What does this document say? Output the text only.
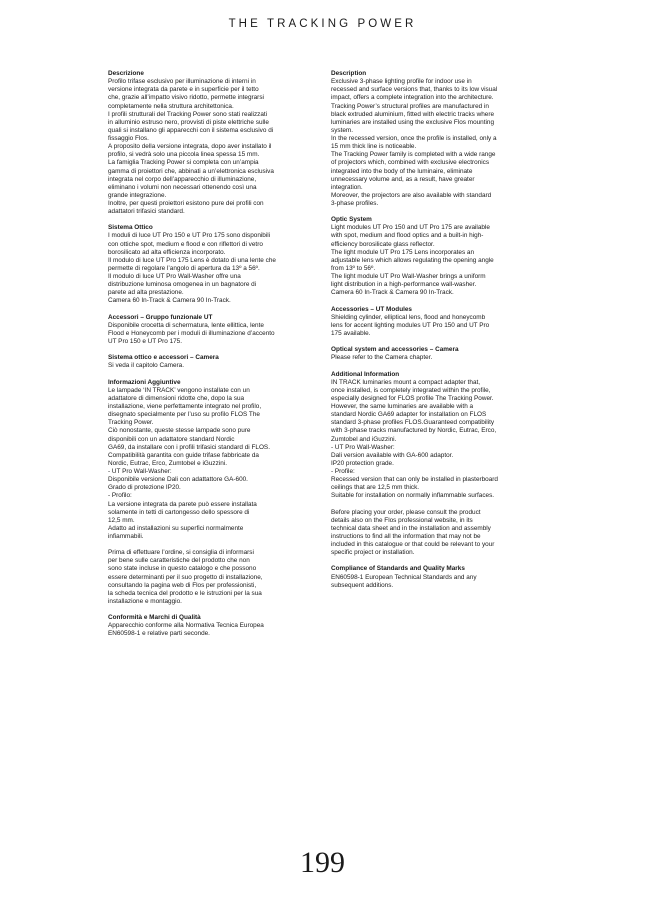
THE TRACKING POWER
Descrizione
Profilo trifase esclusivo per illuminazione di interni in
versione integrata da parete e in superficie per il tetto
che, grazie all’impatto visivo ridotto, permette integrarsi
completamente nella struttura architettonica.
I profili strutturali del Tracking Power sono stati realizzati
in alluminio estruso nero, provvisti di piste elettriche sulle
quali si installano gli apparecchi con il sistema esclusivo di
fissaggio Flos.
A proposito della versione integrata, dopo aver installato il
profilo, si vedrà solo una piccola linea spessa 15 mm.
La famiglia Tracking Power si completa con un’ampia
gamma di proiettori che, abbinati a un’elettronica esclusiva
integrata nel corpo dell’apparecchio di illuminazione,
eliminano i volumi non necessari ottenendo così una
grande integrazione.
Inoltre, per questi proiettori esistono pure dei profili con
adattatori trifasici standard.
Sistema Ottico
I moduli di luce UT Pro 150 e UT Pro 175 sono disponibili
con ottiche spot, medium e flood e con riflettori di vetro
borosilicato ad alta efficienza incorporato.
Il modulo di luce UT Pro 175 Lens è dotato di una lente che
permette di regolare l’angolo di apertura da 13º a 56º.
Il modulo di luce UT Pro Wall-Washer offre una
distribuzione luminosa omogenea in un bagnatore di
parete ad alta prestazione.
Camera 60 In-Track & Camera 90 In-Track.
Accessori – Gruppo funzionale UT
Disponibile crocetta di schermatura, lente ellittica, lente
Flood e Honeycomb per i moduli di illuminazione d’accento
UT Pro 150 e UT Pro 175.
Sistema ottico e accessori – Camera
Si veda il capitolo Camera.
Informazioni Aggiuntive
Le lampade ‘IN TRACK’ vengono installate con un
adattatore di dimensioni ridotte che, dopo la sua
installazione, viene perfettamente integrato nel profilo,
disegnato specialmente per l’uso su profilo FLOS The
Tracking Power.
Ciò nonostante, queste stesse lampade sono pure
disponibili con un adattatore standard Nordic
GA69, da installare con i profili trifasici standard di FLOS.
Compatibilità garantita con guide trifase fabbricate da
Nordic, Eutrac, Erco, Zumtobel e iGuzzini.
- UT Pro Wall-Washer:
Disponibile versione Dali con adattattore GA-600.
Grado di protezione IP20.
- Profilo:
La versione integrata da parete può essere installata
solamente in tetti di cartongesso dello spessore di
12,5 mm.
Adatto ad installazioni su superfici normalmente
infiammabili.
Prima di effettuare l’ordine, si consiglia di informarsi
per bene sulle caratteristiche del prodotto che non
sono state incluse in questo catalogo e che possono
essere determinanti per il suo progetto di installazione,
consultando la pagina web di Flos per professionisti,
la scheda tecnica del prodotto e le istruzioni per la sua
installazione e montaggio.
Conformità e Marchi di Qualità
Apparecchio conforme alla Normativa Tecnica Europea
EN60598-1 e relative parti seconde.
Description
Exclusive 3-phase lighting profile for indoor use in
recessed and surface versions that, thanks to its low visual
impact, offers a complete integration into the architecture.
Tracking Power’s structural profiles are manufactured in
black extruded aluminium, fitted with electric tracks where
luminaries are installed using the exclusive Flos mounting
system.
In the recessed version, once the profile is installed, only a
15 mm thick line is noticeable.
The Tracking Power family is completed with a wide range
of projectors which, combined with exclusive electronics
integrated into the body of the luminaire, eliminate
unnecessary volume and, as a result, have greater
integration.
Moreover, the projectors are also available with standard
3-phase profiles.
Optic System
Light modules UT Pro 150 and UT Pro 175 are available
with spot, medium and flood optics and a built-in high-
efficiency borosilicate glass reflector.
The light module UT Pro 175 Lens incorporates an
adjustable lens which allows regulating the opening angle
from 13º to 56º.
The light module UT Pro Wall-Washer brings a uniform
light distribution in a high-performance wall-washer.
Camera 60 In-Track & Camera 90 In-Track.
Accessories – UT Modules
Shielding cylinder, elliptical lens, flood and honeycomb
lens for accent lighting modules UT Pro 150 and UT Pro
175 available.
Optical system and accessories – Camera
Please refer to the Camera chapter.
Additional Information
IN TRACK luminaries mount a compact adapter that,
once installed, is completely integrated within the profile,
especially designed for FLOS profile The Tracking Power.
However, the same luminaries are available with a
standard Nordic GA69 adapter for installation on FLOS
standard 3-phase profiles FLOS.Guaranteed compatibility
with 3-phase tracks manufactured by Nordic, Eutrac, Erco,
Zumtobel and iGuzzini.
- UT Pro Wall-Washer:
Dali version available with GA-600 adaptor.
IP20 protection grade.
- Profile:
Recessed version that can only be installed in plasterboard
ceilings that are 12,5 mm thick.
Suitable for installation on normally inflammable surfaces.
Before placing your order, please consult the product
details also on the Flos professional website, in its
technical data sheet and in the installation and assembly
instructions to find all the information that may not be
included in this catalogue or that could be relevant to your
specific project or installation.
Compliance of Standards and Quality Marks
EN60598-1 European Technical Standards and any
subsequent additions.
199
